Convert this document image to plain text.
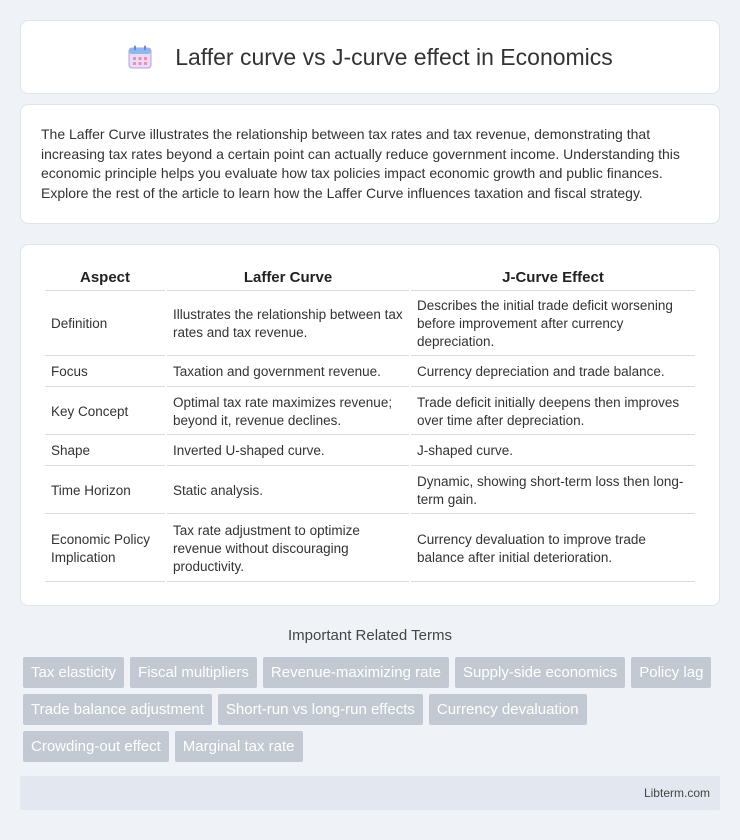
Laffer curve vs J-curve effect in Economics

The Laffer Curve illustrates the relationship between tax rates and tax revenue, demonstrating that increasing tax rates beyond a certain point can actually reduce government income. Understanding this economic principle helps you evaluate how tax policies impact economic growth and public finances. Explore the rest of the article to learn how the Laffer Curve influences taxation and fiscal strategy.

Aspect	Laffer Curve	J-Curve Effect
Definition	Illustrates the relationship between tax rates and tax revenue.	Describes the initial trade deficit worsening before improvement after currency depreciation.
Focus	Taxation and government revenue.	Currency depreciation and trade balance.
Key Concept	Optimal tax rate maximizes revenue; beyond it, revenue declines.	Trade deficit initially deepens then improves over time after depreciation.
Shape	Inverted U-shaped curve.	J-shaped curve.
Time Horizon	Static analysis.	Dynamic, showing short-term loss then long-term gain.
Economic Policy Implication	Tax rate adjustment to optimize revenue without discouraging productivity.	Currency devaluation to improve trade balance after initial deterioration.
Important Related Terms
Tax elasticity	Fiscal multipliers	Revenue-maximizing rate	Supply-side economics	Policy lag
Trade balance adjustment	Short-run vs long-run effects	Currency devaluation
Crowding-out effect	Marginal tax rate
Libterm.com
